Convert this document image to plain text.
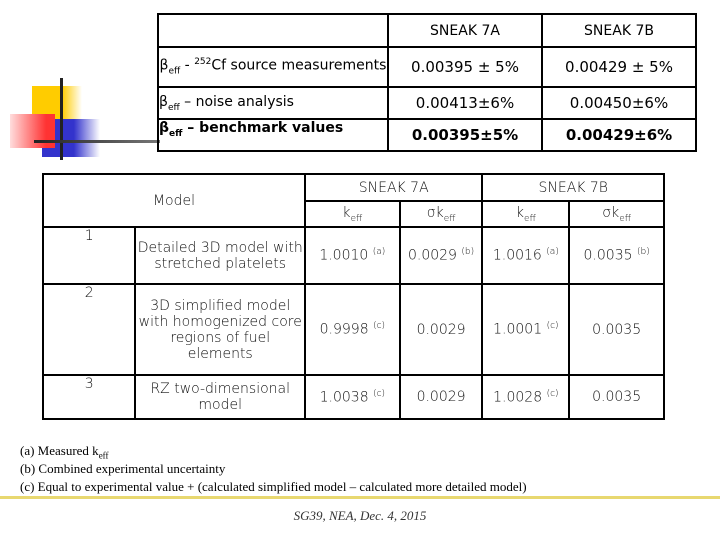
	SNEAK 7A	SNEAK 7B
$\beta_{eff} - ^{252}Cf$ source measurements	0.00395 ± 5%	0.00429 ± 5%
$\beta_{eff}$ – noise analysis	0.00413±6%	0.00450±6%
$\beta_{eff}$ – benchmark values	0.00395±5%	0.00429±6%
Model		SNEAK 7A		SNEAK 7B	
		$k_{eff}$	$\sigma k_{eff}$	$k_{eff}$	$\sigma k_{eff}$
1	Detailed 3D model with stretched platelets	1.0010 $^{(a)}$	0.0029 $^{(b)}$	1.0016 $^{(a)}$	0.0035 $^{(b)}$
2	3D simplified model with homogenized core regions of fuel elements	0.9998 $^{(c)}$	0.0029	1.0001 $^{(c)}$	0.0035
3	RZ two-dimensional model	1.0038 $^{(c)}$	0.0029	1.0028 $^{(c)}$	0.0035
(a) Measured $k_{eff}$
(b) Combined experimental uncertainty
(c) Equal to experimental value + (calculated simplified model – calculated more detailed model)
SG39, NEA, Dec. 4, 2015
